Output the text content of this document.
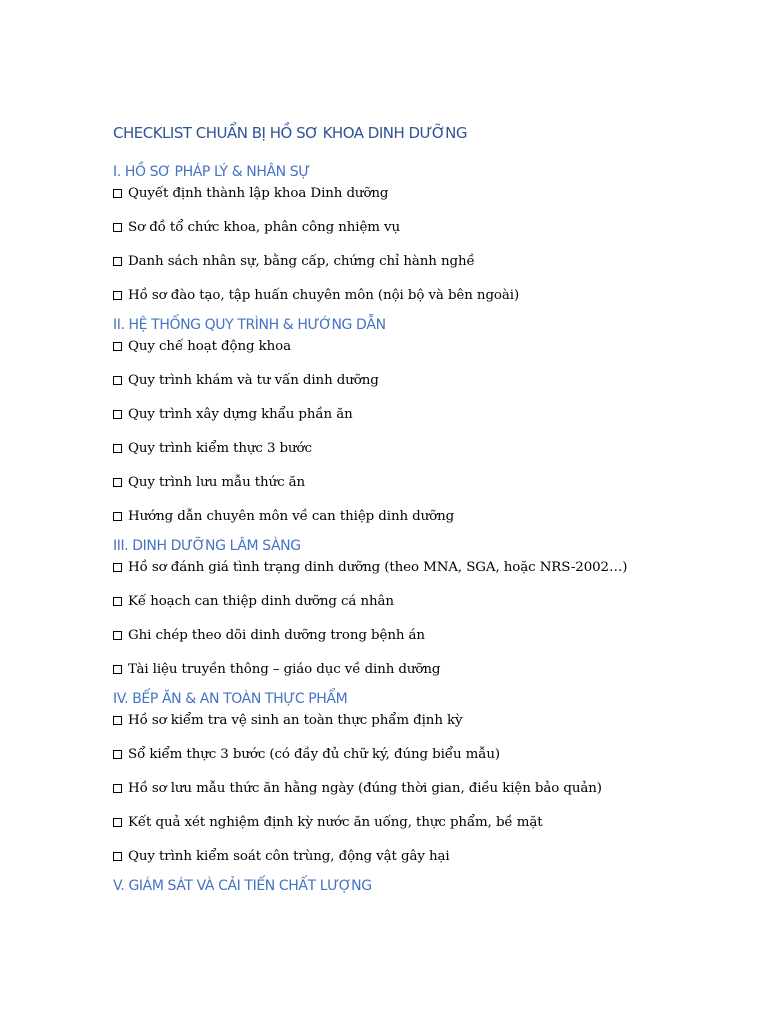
CHECKLIST CHUẨN BỊ HỒ SƠ KHOA DINH DƯỠNG
I. HỒ SƠ PHÁP LÝ & NHÂN SỰ
Quyết định thành lập khoa Dinh dưỡng
Sơ đồ tổ chức khoa, phân công nhiệm vụ
Danh sách nhân sự, bằng cấp, chứng chỉ hành nghề
Hồ sơ đào tạo, tập huấn chuyên môn (nội bộ và bên ngoài)
II. HỆ THỐNG QUY TRÌNH & HƯỚNG DẪN
Quy chế hoạt động khoa
Quy trình khám và tư vấn dinh dưỡng
Quy trình xây dựng khẩu phần ăn
Quy trình kiểm thực 3 bước
Quy trình lưu mẫu thức ăn
Hướng dẫn chuyên môn về can thiệp dinh dưỡng
III. DINH DƯỠNG LÂM SÀNG
Hồ sơ đánh giá tình trạng dinh dưỡng (theo MNA, SGA, hoặc NRS-2002…)
Kế hoạch can thiệp dinh dưỡng cá nhân
Ghi chép theo dõi dinh dưỡng trong bệnh án
Tài liệu truyền thông – giáo dục về dinh dưỡng
IV. BẾP ĂN & AN TOÀN THỰC PHẨM
Hồ sơ kiểm tra vệ sinh an toàn thực phẩm định kỳ
Sổ kiểm thực 3 bước (có đầy đủ chữ ký, đúng biểu mẫu)
Hồ sơ lưu mẫu thức ăn hằng ngày (đúng thời gian, điều kiện bảo quản)
Kết quả xét nghiệm định kỳ nước ăn uống, thực phẩm, bề mặt
Quy trình kiểm soát côn trùng, động vật gây hại
V. GIÁM SÁT VÀ CẢI TIẾN CHẤT LƯỢNG
